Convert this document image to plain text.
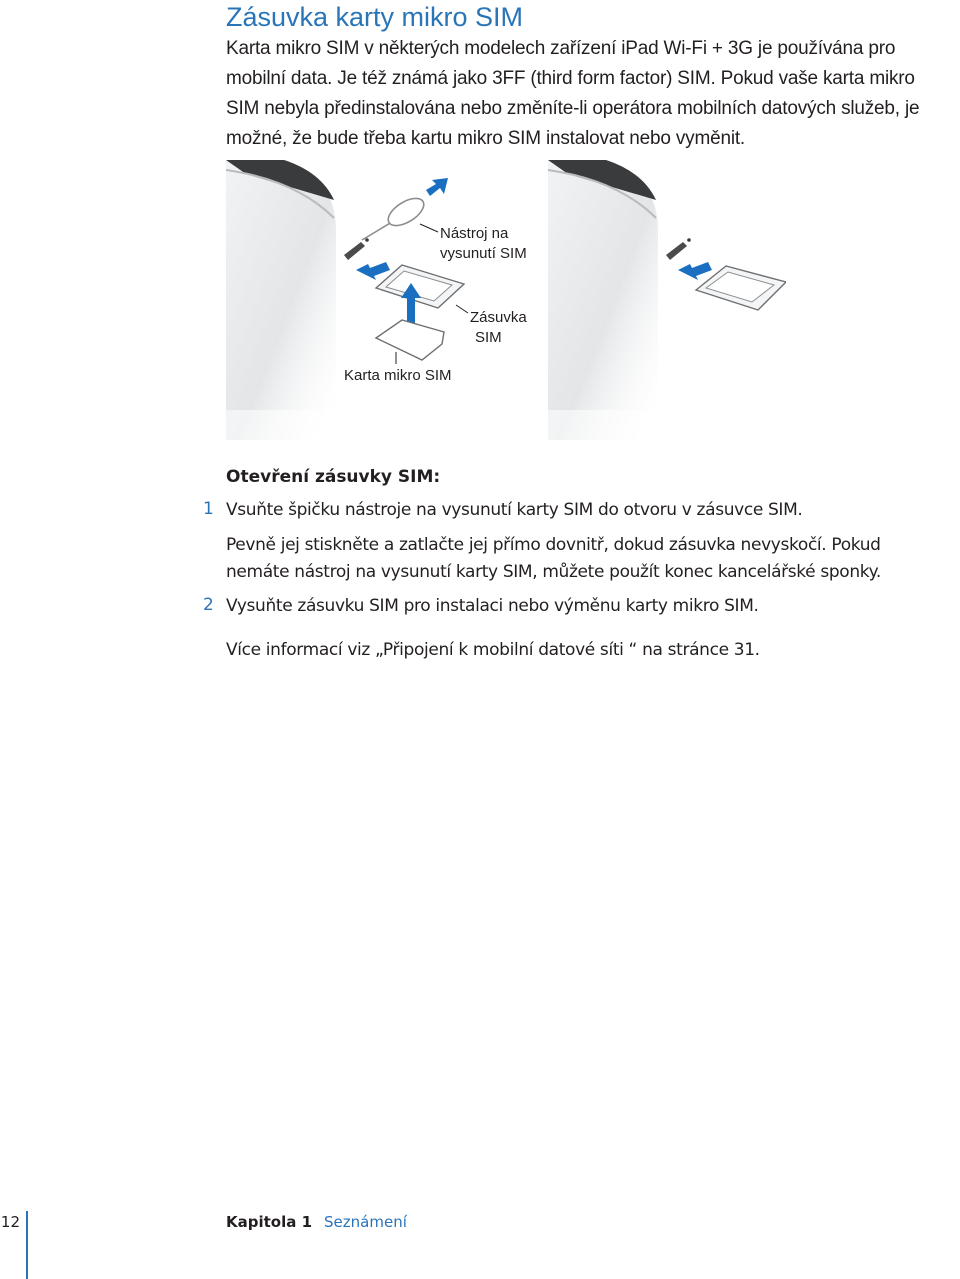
Zásuvka karty mikro SIM
Karta mikro SIM v některých modelech zařízení iPad Wi-Fi + 3G je používána pro
mobilní data. Je též známá jako 3FF (third form factor) SIM. Pokud vaše karta mikro
SIM nebyla předinstalována nebo změníte-li operátora mobilních datových služeb, je
možné, že bude třeba kartu mikro SIM instalovat nebo vyměnit.
Nástroj na
vysunutí SIM
Zásuvka
SIM
Karta mikro SIM
Otevření zásuvky SIM:
1 Vsuňte špičku nástroje na vysunutí karty SIM do otvoru v zásuvce SIM.

Pevně jej stiskněte a zatlačte jej přímo dovnitř, dokud zásuvka nevyskočí. Pokud
nemáte nástroj na vysunutí karty SIM, můžete použít konec kancelářské sponky.

2 Vysuňte zásuvku SIM pro instalaci nebo výměnu karty mikro SIM.

Více informací viz „Připojení k mobilní datové síti “ na stránce 31.

12	Kapitola 1 Seznámení
